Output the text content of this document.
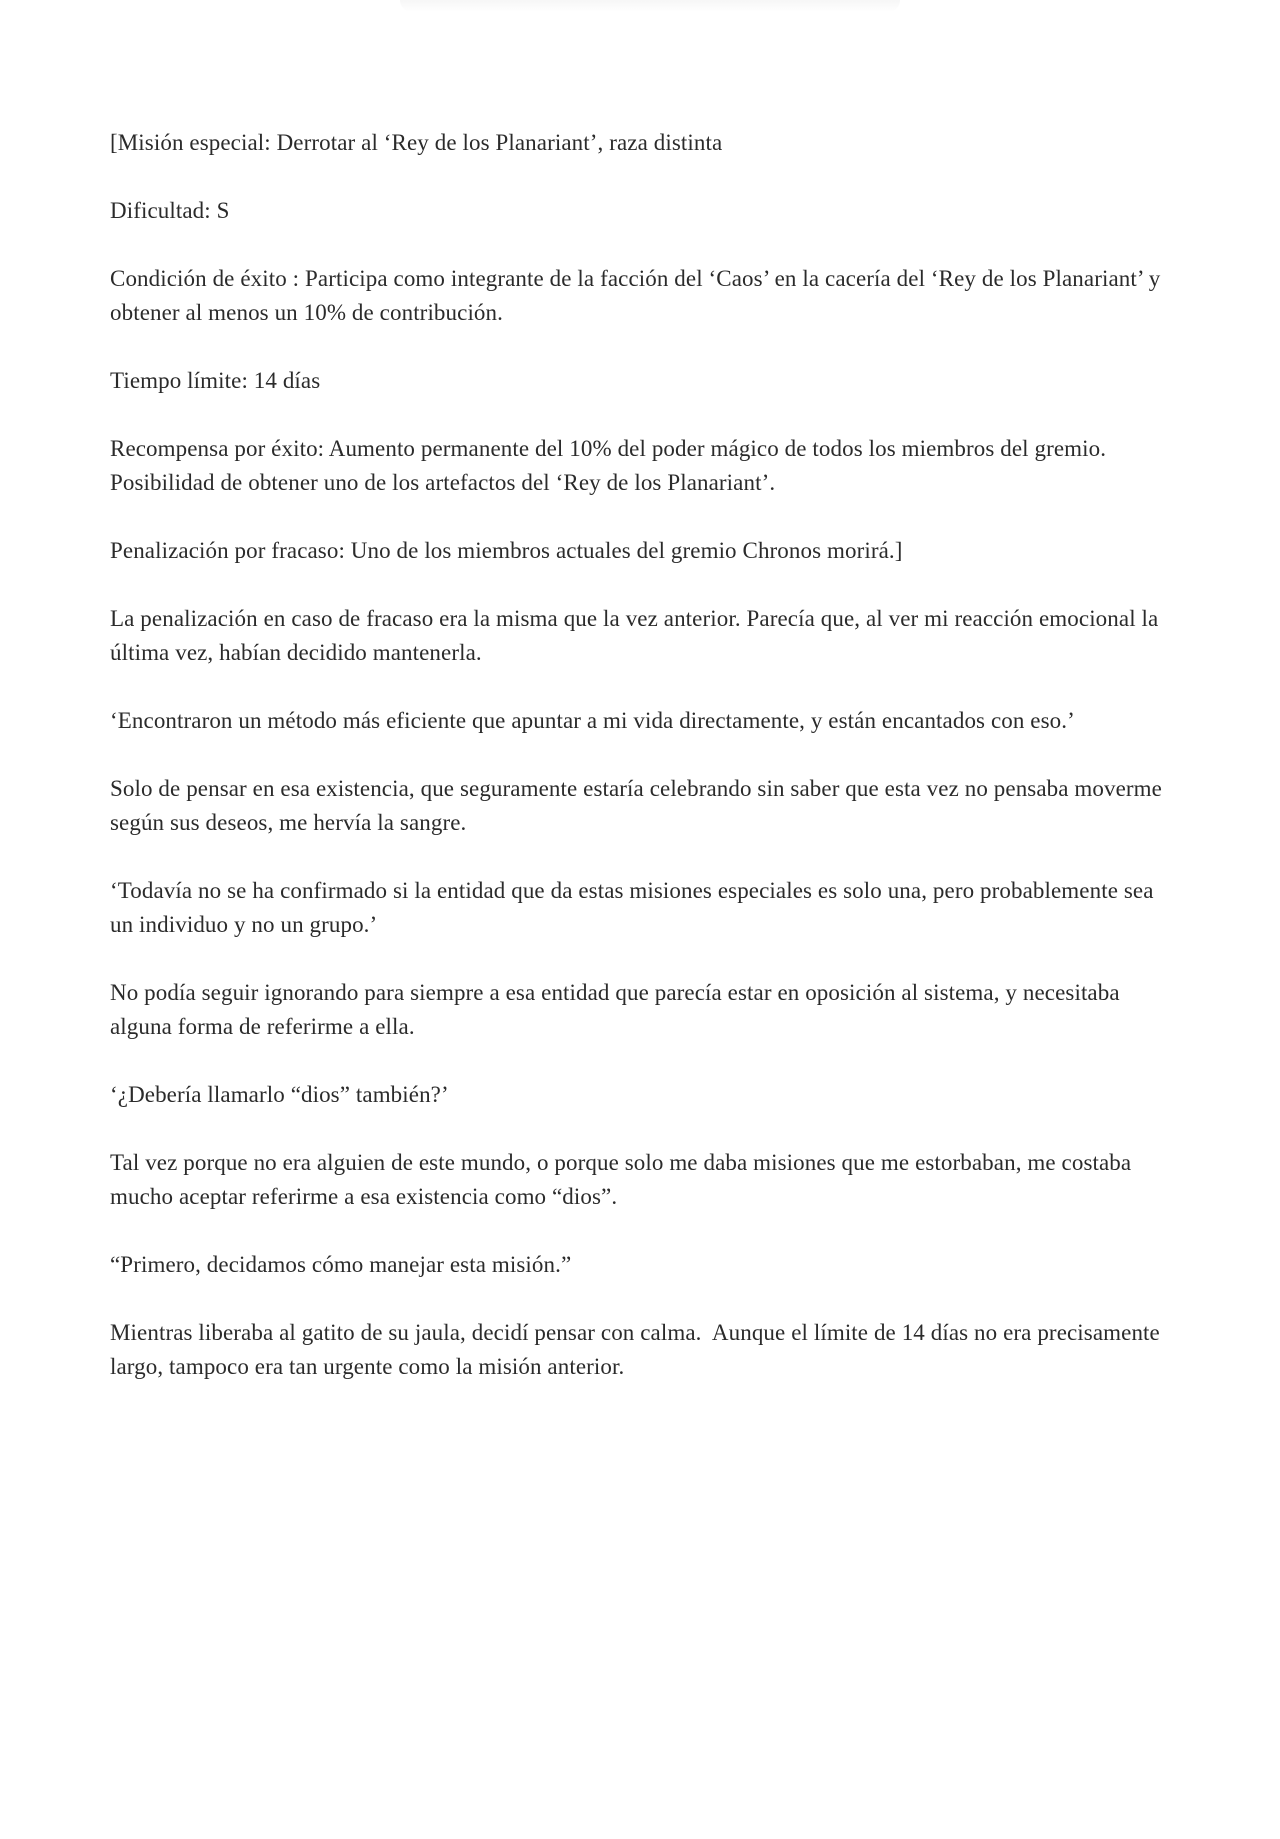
[Misión especial: Derrotar al ‘Rey de los Planariant’, raza distinta

Dificultad: S

Condición de éxito : Participa como integrante de la facción del ‘Caos’ en la cacería del ‘Rey de los Planariant’ y obtener al menos un 10% de contribución.

Tiempo límite: 14 días

Recompensa por éxito: Aumento permanente del 10% del poder mágico de todos los miembros del gremio. Posibilidad de obtener uno de los artefactos del ‘Rey de los Planariant’.

Penalización por fracaso: Uno de los miembros actuales del gremio Chronos morirá.]

La penalización en caso de fracaso era la misma que la vez anterior. Parecía que, al ver mi reacción emocional la última vez, habían decidido mantenerla.

‘Encontraron un método más eficiente que apuntar a mi vida directamente, y están encantados con eso.’

Solo de pensar en esa existencia, que seguramente estaría celebrando sin saber que esta vez no pensaba moverme según sus deseos, me hervía la sangre.

‘Todavía no se ha confirmado si la entidad que da estas misiones especiales es solo una, pero probablemente sea un individuo y no un grupo.’

No podía seguir ignorando para siempre a esa entidad que parecía estar en oposición al sistema, y necesitaba alguna forma de referirme a ella.

‘¿Debería llamarlo “dios” también?’

Tal vez porque no era alguien de este mundo, o porque solo me daba misiones que me estorbaban, me costaba mucho aceptar referirme a esa existencia como “dios”.

“Primero, decidamos cómo manejar esta misión.”

Mientras liberaba al gatito de su jaula, decidí pensar con calma.  Aunque el límite de 14 días no era precisamente largo, tampoco era tan urgente como la misión anterior.
